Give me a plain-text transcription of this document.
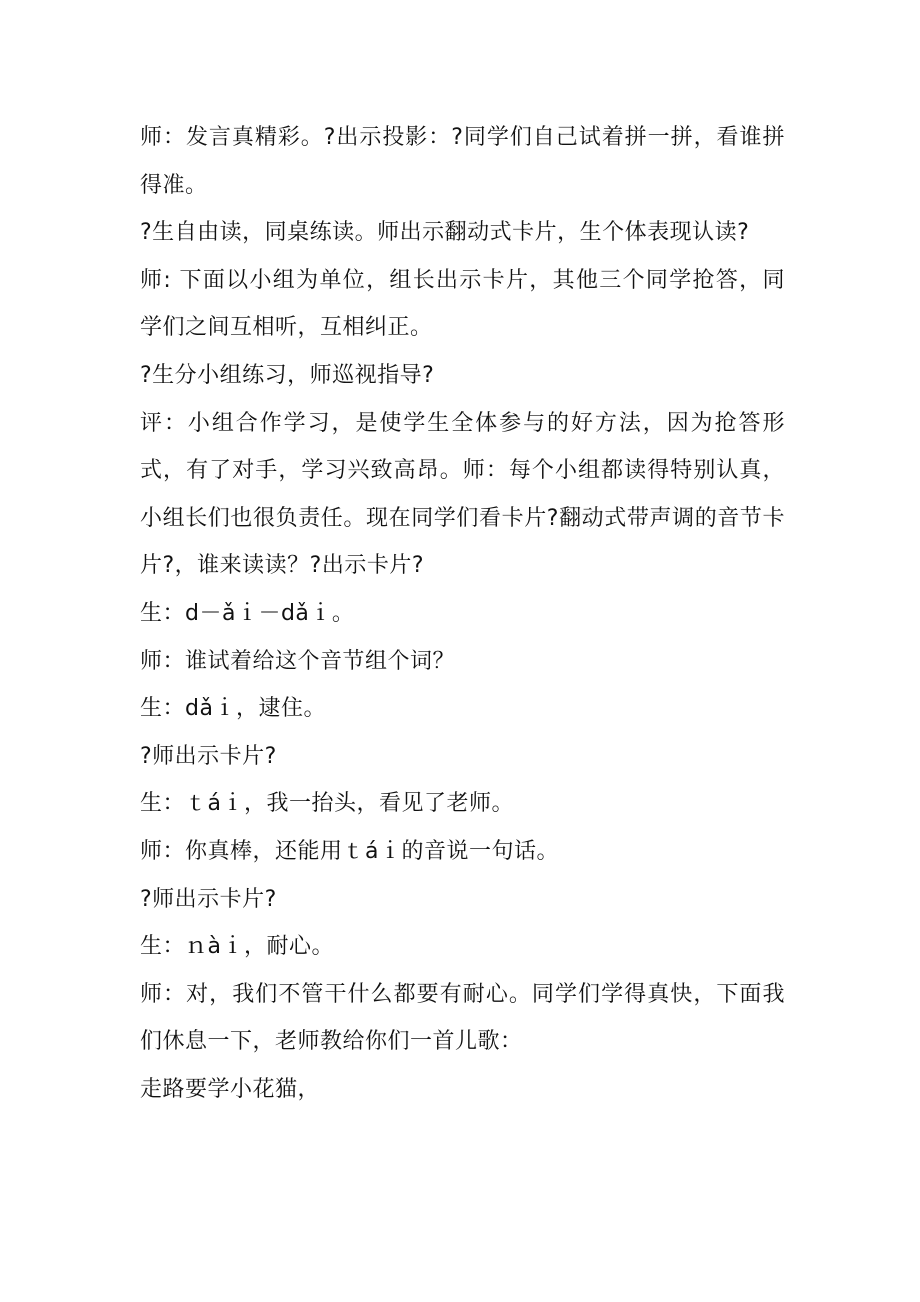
师：发言真精彩。?出示投影：?同学们自己试着拼一拼，看谁拼得准。

?生自由读，同桌练读。师出示翻动式卡片，生个体表现认读?

师: 下面以小组为单位，组长出示卡片，其他三个同学抢答，同学们之间互相听，互相纠正。

?生分小组练习，师巡视指导?

评：小组合作学习，是使学生全体参与的好方法，因为抢答形式，有了对手，学习兴致高昂。师：每个小组都读得特别认真，小组长们也很负责任。现在同学们看卡片?翻动式带声调的音节卡片?，谁来读读？?出示卡片?

生：d－ǎｉ－dǎｉ。

师：谁试着给这个音节组个词？

生：dǎｉ，逮住。

?师出示卡片?

生：ｔáｉ，我一抬头，看见了老师。

师：你真棒，还能用ｔáｉ的音说一句话。

?师出示卡片?

生：ｎàｉ，耐心。

师：对，我们不管干什么都要有耐心。同学们学得真快，下面我们休息一下，老师教给你们一首儿歌：

走路要学小花猫，
